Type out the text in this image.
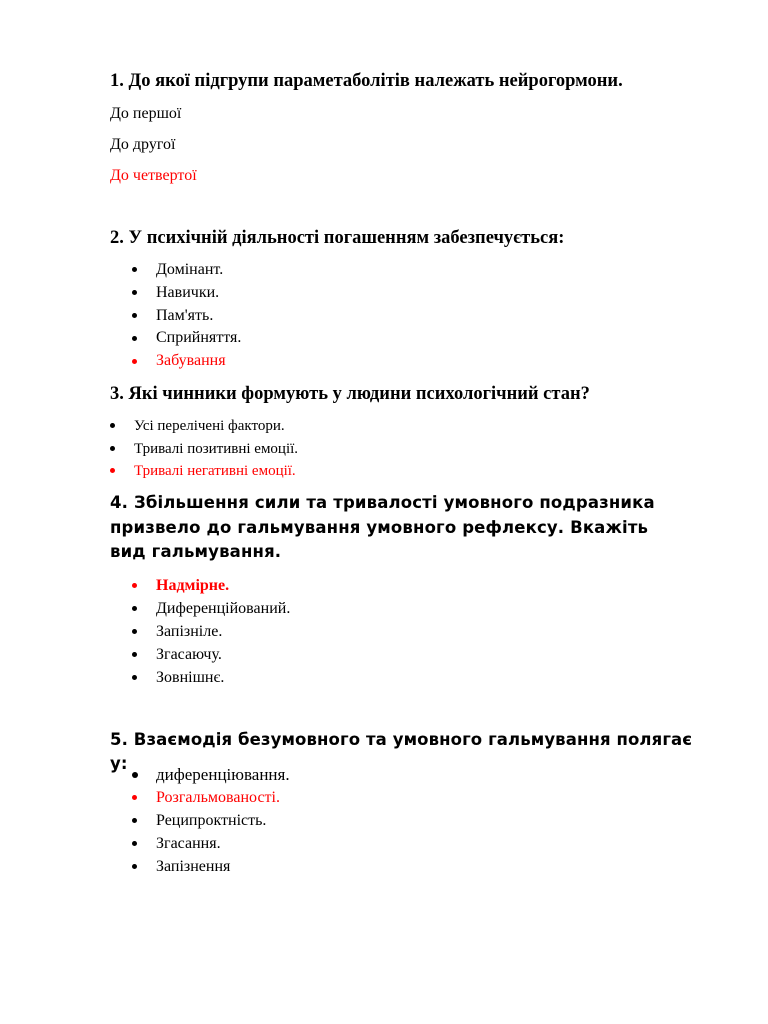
1. До якої підгрупи параметаболітів належать нейрогормони.

До першої

До другої

До четвертої

2. У психічній діяльності погашенням забезпечується:

Домінант.
Навички.
Пам'ять.
Сприйняття.
Забування

3. Які чинники формують у людини психологічний стан?

Усі перелічені фактори.
Тривалі позитивні емоції.
Тривалі негативні емоції.

4. Збільшення сили та тривалості умовного подразника призвело до гальмування умовного рефлексу. Вкажіть вид гальмування.

Надмірне.
Диференційований.
Запізніле.
Згасаючу.
Зовнішнє.

5. Взаємодія безумовного та умовного гальмування полягає у:

диференціювання.
Розгальмованості.
Реципроктність.
Згасання.
Запізнення
